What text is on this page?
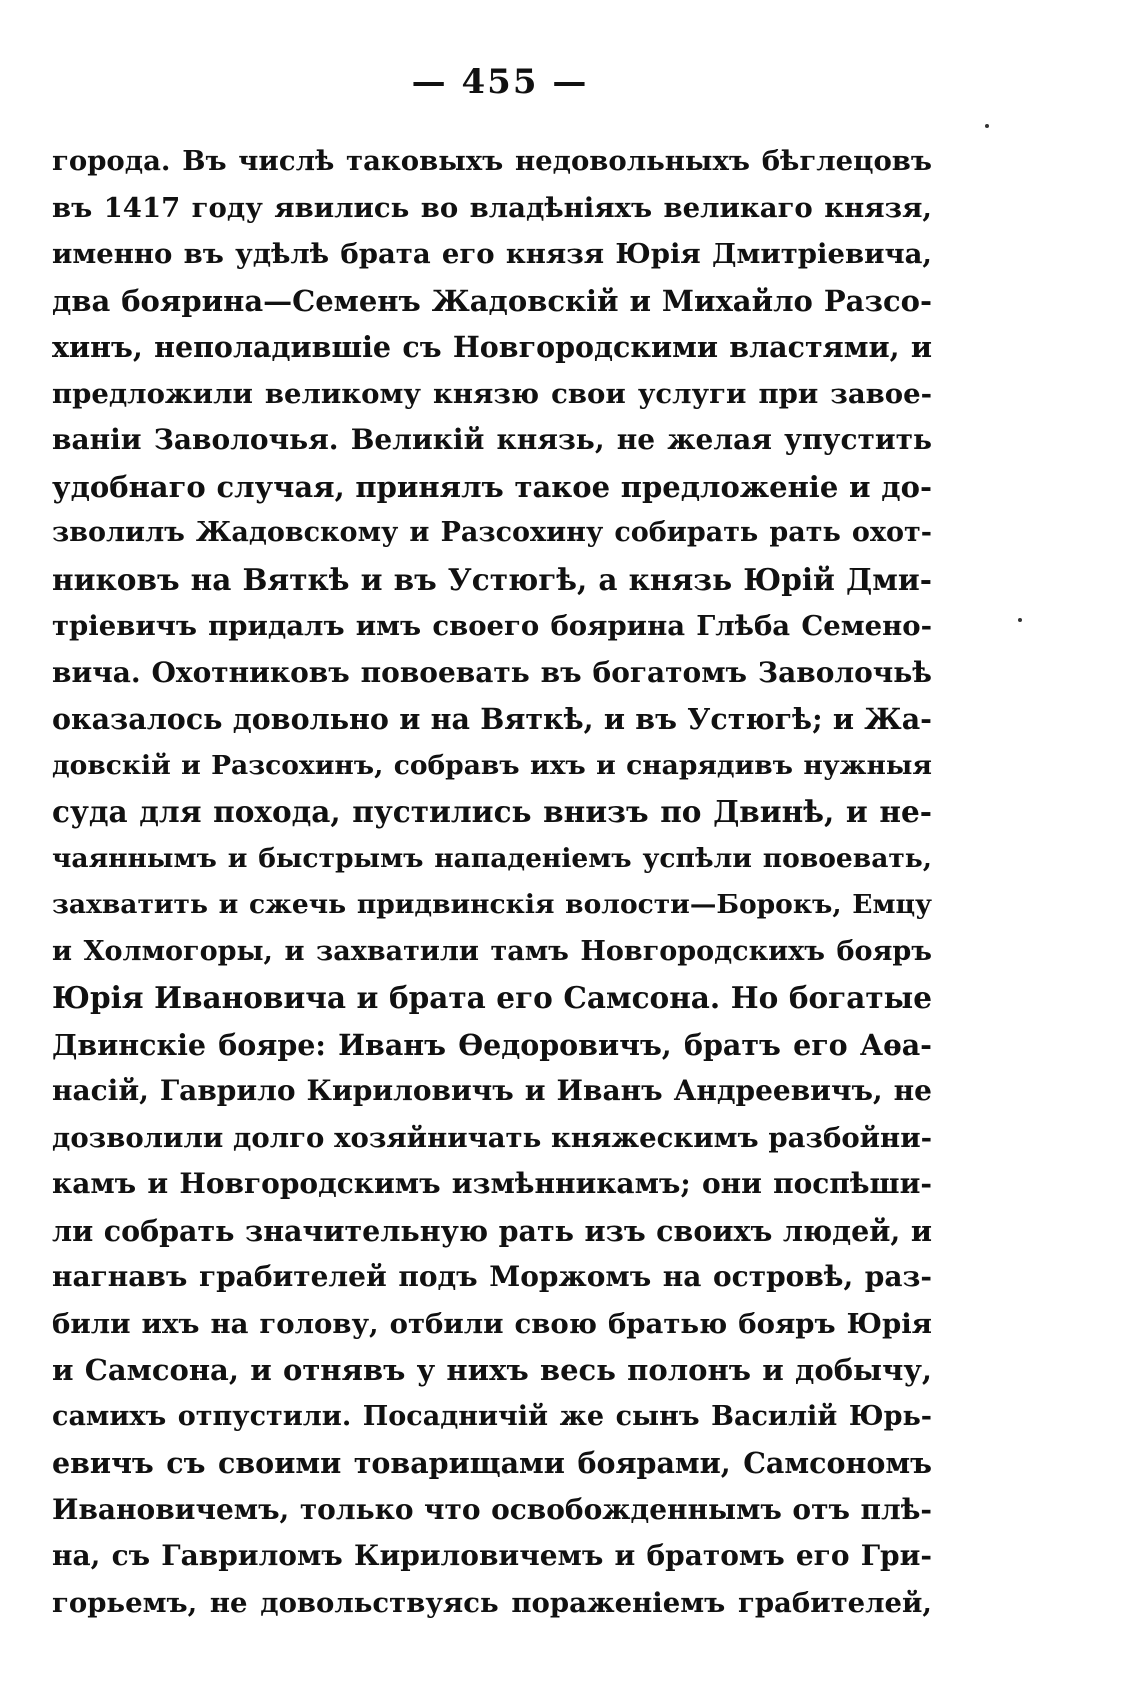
— 455 —
города. Въ числѣ таковыхъ недовольныхъ бѣглецовъ
въ 1417 году явились во владѣніяхъ великаго князя,
именно въ удѣлѣ брата его князя Юрія Дмитріевича,
два боярина—Семенъ Жадовскій и Михайло Разсо-
хинъ, неполадившіе съ Новгородскими властями, и
предложили великому князю свои услуги при завое-
ваніи Заволочья. Великій князь, не желая упустить
удобнаго случая, принялъ такое предложеніе и до-
зволилъ Жадовскому и Разсохину собирать рать охот-
никовъ на Вяткѣ и въ Устюгѣ, а князь Юрій Дми-
тріевичъ придалъ имъ своего боярина Глѣба Семено-
вича. Охотниковъ повоевать въ богатомъ Заволочьѣ
оказалось довольно и на Вяткѣ, и въ Устюгѣ; и Жа-
довскій и Разсохинъ, собравъ ихъ и снарядивъ нужныя
суда для похода, пустились внизъ по Двинѣ, и не-
чаяннымъ и быстрымъ нападеніемъ успѣли повоевать,
захватить и сжечь придвинскія волости—Борокъ, Емцу
и Холмогоры, и захватили тамъ Новгородскихъ бояръ
Юрія Ивановича и брата его Самсона. Но богатые
Двинскіе бояре: Иванъ Ѳедоровичъ, братъ его Аѳа-
насій, Гаврило Кириловичъ и Иванъ Андреевичъ, не
дозволили долго хозяйничать княжескимъ разбойни-
камъ и Новгородскимъ измѣнникамъ; они поспѣши-
ли собрать значительную рать изъ своихъ людей, и
нагнавъ грабителей подъ Моржомъ на островѣ, раз-
били ихъ на голову, отбили свою братью бояръ Юрія
и Самсона, и отнявъ у нихъ весь полонъ и добычу,
самихъ отпустили. Посадничій же сынъ Василій Юрь-
евичъ съ своими товарищами боярами, Самсономъ
Ивановичемъ, только что освобожденнымъ отъ плѣ-
на, съ Гавриломъ Кириловичемъ и братомъ его Гри-
горьемъ, не довольствуясь пораженіемъ грабителей,
